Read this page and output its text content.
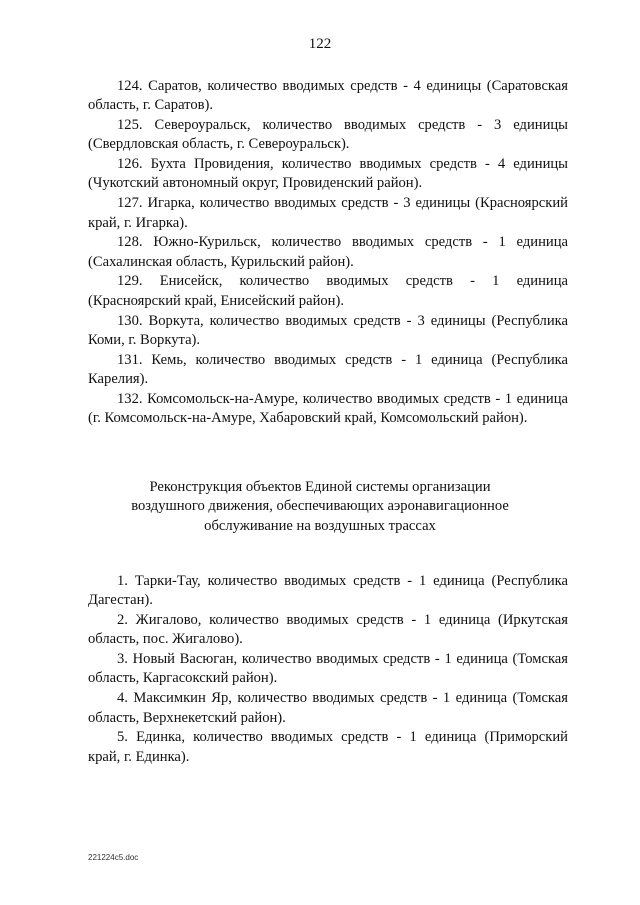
122

124. Саратов, количество вводимых средств - 4 единицы (Саратовская область, г. Саратов).

125. Североуральск, количество вводимых средств - 3 единицы (Свердловская область, г. Североуральск).

126. Бухта Провидения, количество вводимых средств - 4 единицы (Чукотский автономный округ, Провиденский район).

127. Игарка, количество вводимых средств - 3 единицы (Красноярский край, г. Игарка).

128. Южно-Курильск, количество вводимых средств - 1 единица (Сахалинская область, Курильский район).

129. Енисейск, количество вводимых средств - 1 единица (Красноярский край, Енисейский район).

130. Воркута, количество вводимых средств - 3 единицы (Республика Коми, г. Воркута).

131. Кемь, количество вводимых средств - 1 единица (Республика Карелия).

132. Комсомольск-на-Амуре, количество вводимых средств - 1 единица (г. Комсомольск-на-Амуре, Хабаровский край, Комсомольский район).

Реконструкция объектов Единой системы организации
воздушного движения, обеспечивающих аэронавигационное
обслуживание на воздушных трассах

1. Тарки-Тау, количество вводимых средств - 1 единица (Республика Дагестан).

2. Жигалово, количество вводимых средств - 1 единица (Иркутская область, пос. Жигалово).

3. Новый Васюган, количество вводимых средств - 1 единица (Томская область, Каргасокский район).

4. Максимкин Яр, количество вводимых средств - 1 единица (Томская область, Верхнекетский район).

5. Единка, количество вводимых средств - 1 единица (Приморский край, г. Единка).

221224c5.doc
